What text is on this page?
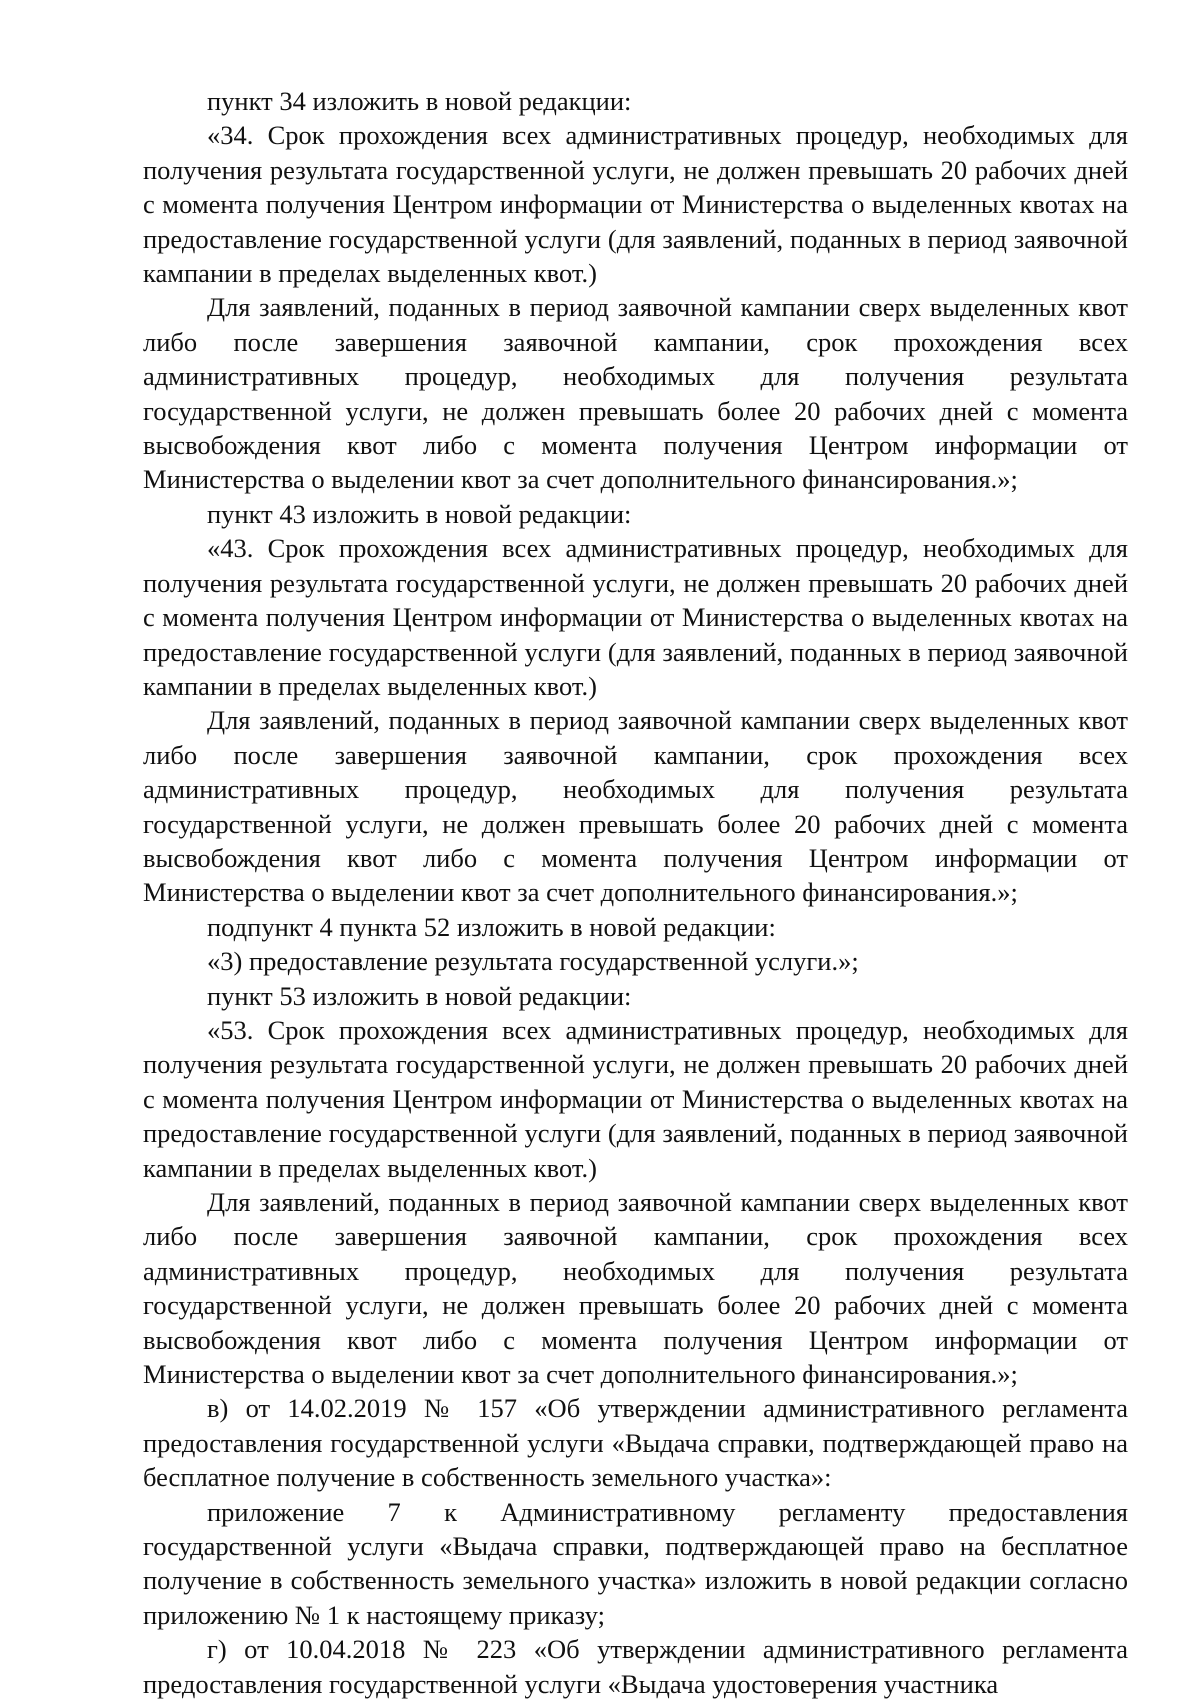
пункт 34 изложить в новой редакции:

«34. Срок прохождения всех административных процедур, необходимых для получения результата государственной услуги, не должен превышать 20 рабочих дней с момента получения Центром информации от Министерства о выделенных квотах на предоставление государственной услуги (для заявлений, поданных в период заявочной кампании в пределах выделенных квот.)

Для заявлений, поданных в период заявочной кампании сверх выделенных квот либо после завершения заявочной кампании, срок прохождения всех административных процедур, необходимых для получения результата государственной услуги, не должен превышать более 20 рабочих дней с момента высвобождения квот либо с момента получения Центром информации от Министерства о выделении квот за счет дополнительного финансирования.»;

пункт 43 изложить в новой редакции:

«43. Срок прохождения всех административных процедур, необходимых для получения результата государственной услуги, не должен превышать 20 рабочих дней с момента получения Центром информации от Министерства о выделенных квотах на предоставление государственной услуги (для заявлений, поданных в период заявочной кампании в пределах выделенных квот.)

Для заявлений, поданных в период заявочной кампании сверх выделенных квот либо после завершения заявочной кампании, срок прохождения всех административных процедур, необходимых для получения результата государственной услуги, не должен превышать более 20 рабочих дней с момента высвобождения квот либо с момента получения Центром информации от Министерства о выделении квот за счет дополнительного финансирования.»;

подпункт 4 пункта 52 изложить в новой редакции:

«3) предоставление результата государственной услуги.»;

пункт 53 изложить в новой редакции:

«53. Срок прохождения всех административных процедур, необходимых для получения результата государственной услуги, не должен превышать 20 рабочих дней с момента получения Центром информации от Министерства о выделенных квотах на предоставление государственной услуги (для заявлений, поданных в период заявочной кампании в пределах выделенных квот.)

Для заявлений, поданных в период заявочной кампании сверх выделенных квот либо после завершения заявочной кампании, срок прохождения всех административных процедур, необходимых для получения результата государственной услуги, не должен превышать более 20 рабочих дней с момента высвобождения квот либо с момента получения Центром информации от Министерства о выделении квот за счет дополнительного финансирования.»;

в) от 14.02.2019 № 157 «Об утверждении административного регламента предоставления государственной услуги «Выдача справки, подтверждающей право на бесплатное получение в собственность земельного участка»:

приложение 7 к Административному регламенту предоставления государственной услуги «Выдача справки, подтверждающей право на бесплатное получение в собственность земельного участка» изложить в новой редакции согласно приложению № 1 к настоящему приказу;

г) от 10.04.2018 № 223 «Об утверждении административного регламента предоставления государственной услуги «Выдача удостоверения участника
